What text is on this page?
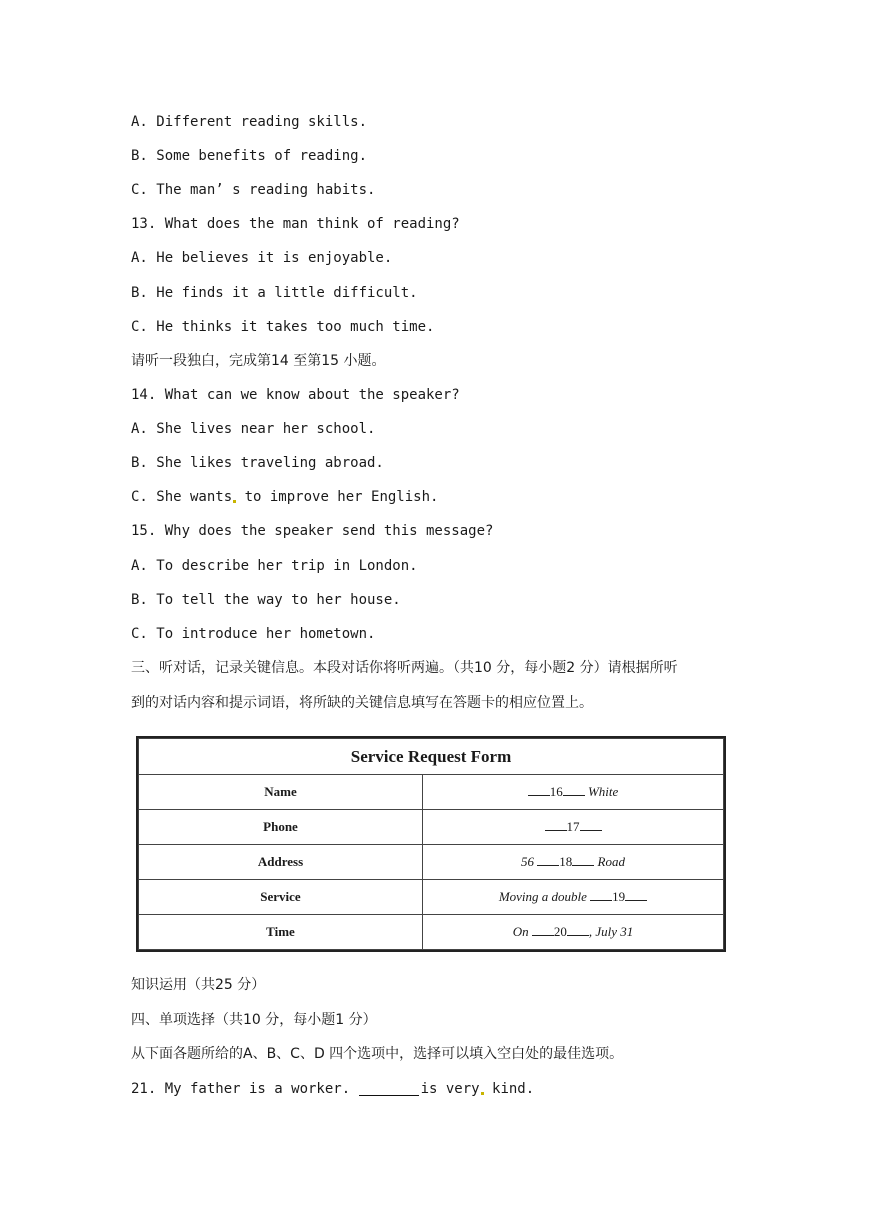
A. Different reading skills.
B. Some benefits of reading.
C. The man’ s reading habits.
13. What does the man think of reading?
A. He believes it is enjoyable.
B. He finds it a little difficult.
C. He thinks it takes too much time.
请听一段独白，完成第14 至第15 小题。
14. What can we know about the speaker?
A. She lives near her school.
B. She likes traveling abroad.
C. She wants to improve her English.
15. Why does the speaker send this message?
A. To describe her trip in London.
B. To tell the way to her house.
C. To introduce her hometown.
三、听对话，记录关键信息。本段对话你将听两遍。（共10 分，每小题2 分）请根据所听
到的对话内容和提示词语，将所缺的关键信息填写在答题卡的相应位置上。
Service Request Form	
Name	16 White
Phone	17
Address	56 18 Road
Service	Moving a double 19
Time	On 20 , July 31
知识运用（共25 分）
四、单项选择（共10 分，每小题1 分）
从下面各题所给的A、B、C、D 四个选项中，选择可以填入空白处的最佳选项。
21. My father is a worker.	is very kind.
